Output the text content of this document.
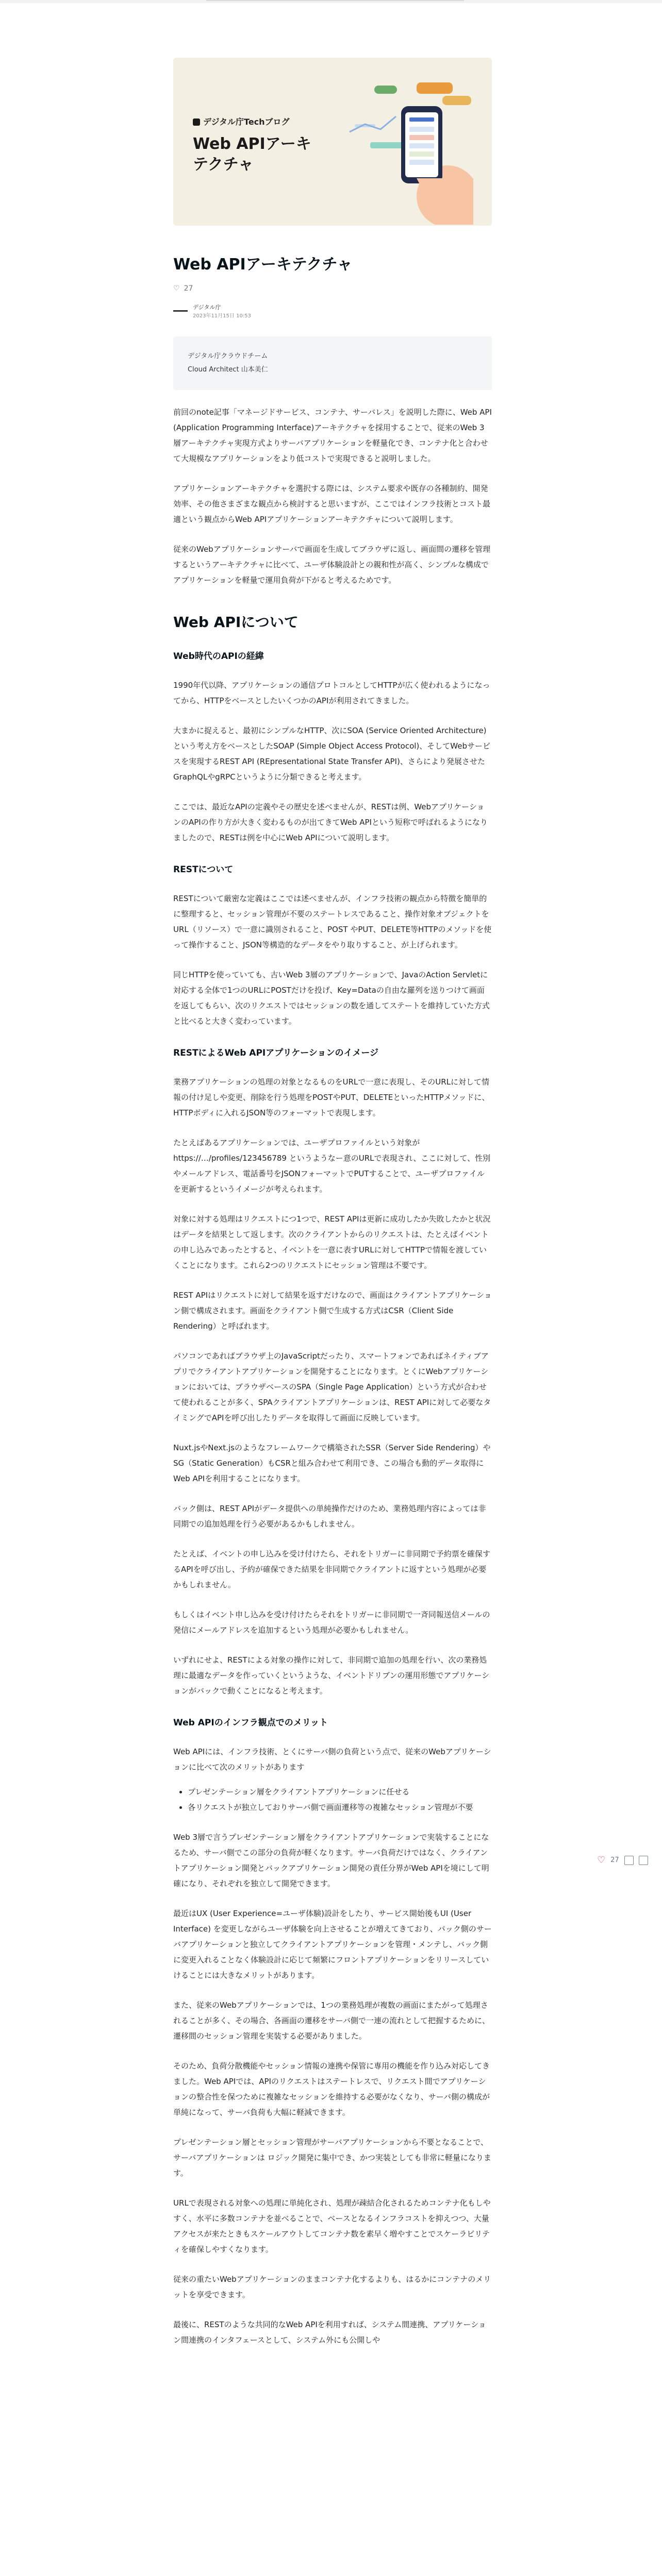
デジタル庁Techブログ
Web APIアーキテクチャ
Web APIアーキテクチャ
♡ 27
デジタル庁
2023年11月15日 10:53

デジタル庁クラウドチーム

Cloud Architect 山本美仁

前回のnote記事「マネージドサービス、コンテナ、サーバレス」を説明した際に、Web API (Application Programming Interface)アーキテクチャを採用することで、従来のWeb 3層アーキテクチャ実現方式よりサーバアプリケーションを軽量化でき、コンテナ化と合わせて大規模なアプリケーションをより低コストで実現できると説明しました。

アプリケーションアーキテクチャを選択する際には、システム要求や既存の各種制約、開発効率、その他さまざまな観点から検討すると思いますが、ここではインフラ技術とコスト最適という観点からWeb APIアプリケーションアーキテクチャについて説明します。

従来のWebアプリケーションサーバで画面を生成してブラウザに返し、画面間の遷移を管理するというアーキテクチャに比べて、ユーザ体験設計との親和性が高く、シンプルな構成でアプリケーションを軽量で運用負荷が下がると考えるためです。

Web APIについて
Web時代のAPIの経緯

1990年代以降、アプリケーションの通信プロトコルとしてHTTPが広く使われるようになってから、HTTPをベースとしたいくつかのAPIが利用されてきました。

大まかに捉えると、最初にシンプルなHTTP、次にSOA (Service Oriented Architecture)という考え方をベースとしたSOAP (Simple Object Access Protocol)、そしてWebサービスを実現するREST API (REpresentational State Transfer API)、さらにより発展させたGraphQLやgRPCというように分類できると考えます。

ここでは、最近なAPIの定義やその歴史を述べませんが、RESTは例、WebアプリケーションのAPIの作り方が大きく変わるものが出てきてWeb APIという短称で呼ばれるようになりましたので、RESTは例を中心にWeb APIについて説明します。

RESTについて

RESTについて厳密な定義はここでは述べませんが、インフラ技術の観点から特徴を簡単的に整理すると、セッション管理が不要のステートレスであること、操作対象オブジェクトをURL（リソース）で一意に識別されること、POST やPUT、DELETE等HTTPのメソッドを使って操作すること、JSON等構造的なデータをやり取りすること、が上げられます。

同じHTTPを使っていても、古いWeb 3層のアプリケーションで、JavaのAction Servletに対応する全体で1つのURLにPOSTだけを投げ、Key=Dataの自由な羅列を送りつけて画面を返してもらい、次のリクエストではセッションの数を通してステートを維持していた方式と比べると大きく変わっています。

RESTによるWeb APIアプリケーションのイメージ

業務アプリケーションの処理の対象となるものをURLで一意に表現し、そのURLに対して情報の付け足しや変更、削除を行う処理をPOSTやPUT、DELETEといったHTTPメソッドに、HTTPボディに入れるJSON等のフォーマットで表現します。

たとえばあるアプリケーションでは、ユーザプロファイルという対象がhttps://…/profiles/123456789 というようなー意のURLで表現され、ここに対して、性別やメールアドレス、電話番号をJSONフォーマットでPUTすることで、ユーザプロファイルを更新するというイメージが考えられます。

対象に対する処理はリクエストにつ1つで、REST APIは更新に成功したか失敗したかと状況はデータを結果として返します。次のクライアントからのリクエストは、たとえばイベントの申し込みであったとすると、イベントを一意に表すURLに対してHTTPで情報を渡していくことになります。これら2つのリクエストにセッション管理は不要です。

REST APIはリクエストに対して結果を返すだけなので、画面はクライアントアプリケーション側で構成されます。画面をクライアント側で生成する方式はCSR（Client Side Rendering）と呼ばれます。

パソコンであればブラウザ上のJavaScriptだったり、スマートフォンであればネイティブアプリでクライアントアプリケーションを開発することになります。とくにWebアプリケーションにおいては、ブラウザベースのSPA（Single Page Application）という方式が合わせて使われることが多く、SPAクライアントアプリケーションは、REST APIに対して必要なタイミングでAPIを呼び出したりデータを取得して画面に反映しています。

Nuxt.jsやNext.jsのようなフレームワークで構築されたSSR（Server Side Rendering）やSG（Static Generation）もCSRと組み合わせて利用でき、この場合も動的データ取得にWeb APIを利用することになります。

バック側は、REST APIがデータ提供への単純操作だけのため、業務処理内容によっては非同期での追加処理を行う必要があるかもしれません。

たとえば、イベントの申し込みを受け付けたら、それをトリガーに非同期で予約票を確保するAPIを呼び出し、予約が確保できた結果を非同期でクライアントに返すという処理が必要かもしれません。

もしくはイベント申し込みを受け付けたらそれをトリガーに非同期で一斉同報送信メールの発信にメールアドレスを追加するという処理が必要かもしれません。

いずれにせよ、RESTによる対象の操作に対して、非同期で追加の処理を行い、次の業務処理に最適なデータを作っていくというような、イベントドリブンの運用形態でアプリケーションがバックで動くことになると考えます。

Web APIのインフラ観点でのメリット

Web APIには、インフラ技術、とくにサーバ側の負荷という点で、従来のWebアプリケーションに比べて次のメリットがあります

• プレゼンテーション層をクライアントアプリケーションに任せる
• 各リクエストが独立しておりサーバ側で画面遷移等の複雑なセッション管理が不要

Web 3層で言うプレゼンテーション層をクライアントアプリケーションで実装することになるため、サーバ側でこの部分の負荷が軽くなります。サーバ負荷だけではなく、クライアントアプリケーション開発とバックアプリケーション開発の責任分界がWeb APIを境にして明確になり、それぞれを独立して開発できます。

最近はUX (User Experience=ユーザ体験)設計をしたり、サービス開始後もUI (User Interface) を変更しながらユーザ体験を向上させることが増えてきており、バック側のサーバアプリケーションと独立してクライアントアプリケーションを管理・メンテし、バック側に変更入れることなく体験設計に応じて頻繁にフロントアプリケーションをリリースしていけることには大きなメリットがあります。

また、従来のWebアプリケーションでは、1つの業務処理が複数の画面にまたがって処理されることが多く、その場合、各画面の遷移をサーバ側で一連の流れとして把握するために、遷移間のセッション管理を実装する必要がありました。

そのため、負荷分散機能やセッション情報の連携や保管に専用の機能を作り込み対応してきました。Web APIでは、APIのリクエストはステートレスで、リクエスト間でアプリケーションの整合性を保つために複雑なセッションを維持する必要がなくなり、サーバ側の構成が単純になって、サーバ負荷も大幅に軽減できます。

プレゼンテーション層とセッション管理がサーバアプリケーションから不要となることで、サーバアプリケーションは ロジック開発に集中でき、かつ実装としても非常に軽量になります。

URLで表現される対象への処理に単純化され、処理が疎結合化されるためコンテナ化もしやすく、水平に多数コンテナを並べることで、ベースとなるインフラコストを抑えつつ、大量アクセスが来たときもスケールアウトしてコンテナ数を素早く増やすことでスケーラビリティを確保しやすくなります。

従来の重たいWebアプリケーションのままコンテナ化するよりも、はるかにコンテナのメリットを享受できます。

最後に、RESTのような共同的なWeb APIを利用すれば、システム間連携、アプリケーション間連携のインタフェースとして、システム外にも公開しや

♡ 27
